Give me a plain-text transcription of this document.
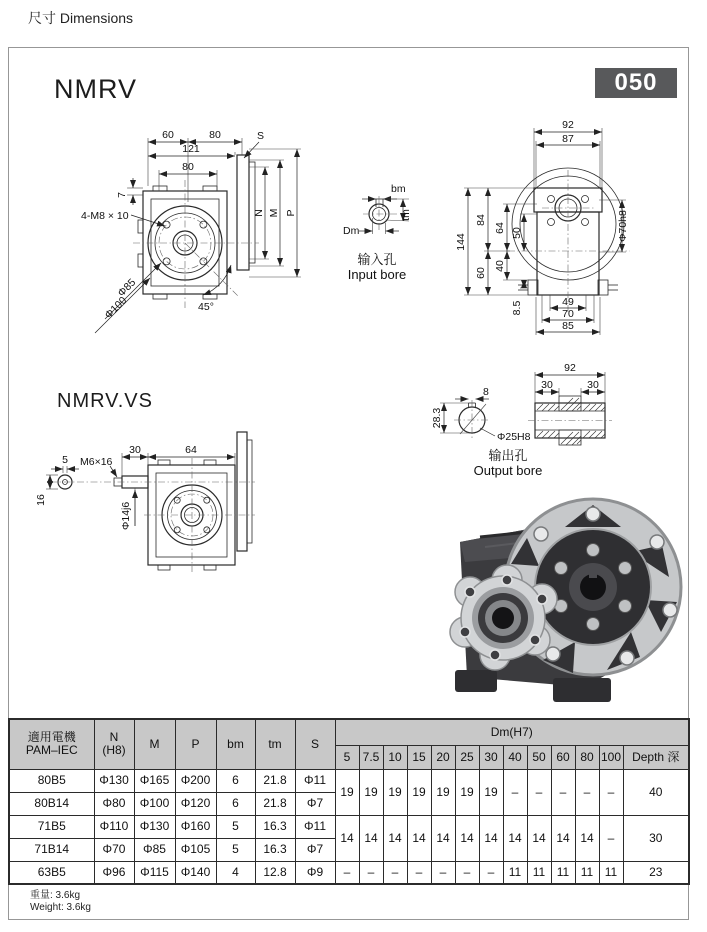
尺寸 Dimensions
NMRV	050
NMRV.VS
60	80
121
80
7
4-M8 × 10
S
N M P
Φ85
Φ100	45°
bm
tm
Dm
输入孔
Input bore
92
87
144
84
64 50
60
40
8.5	49
70
85
Φ70h8
5
16
M6×16
30	64
Φ14j6
8
28.3
Φ25H8
92
30	30
输出孔
Output bore
適用電機
PAM–IEC	N
(H8)	M	P	bm	tm	S	Dm(H7)												
							5	7.5	10	15	20	25	30	40	50	60	80	100	Depth 深
80B5	Φ130	Φ165	Φ200	6	21.8	Φ11	19	19	19	19	19	19	19	–	–	–	–	–	40
80B14	Φ80	Φ100	Φ120	6	21.8	Φ7													
71B5	Φ110	Φ130	Φ160	5	16.3	Φ11	14	14	14	14	14	14	14	14	14	14	14	–	30
71B14	Φ70	Φ85	Φ105	5	16.3	Φ7													
63B5	Φ96	Φ115	Φ140	4	12.8	Φ9	–	–	–	–	–	–	–	11	11	11	11	11	23
重量: 3.6kg
Weight: 3.6kg
